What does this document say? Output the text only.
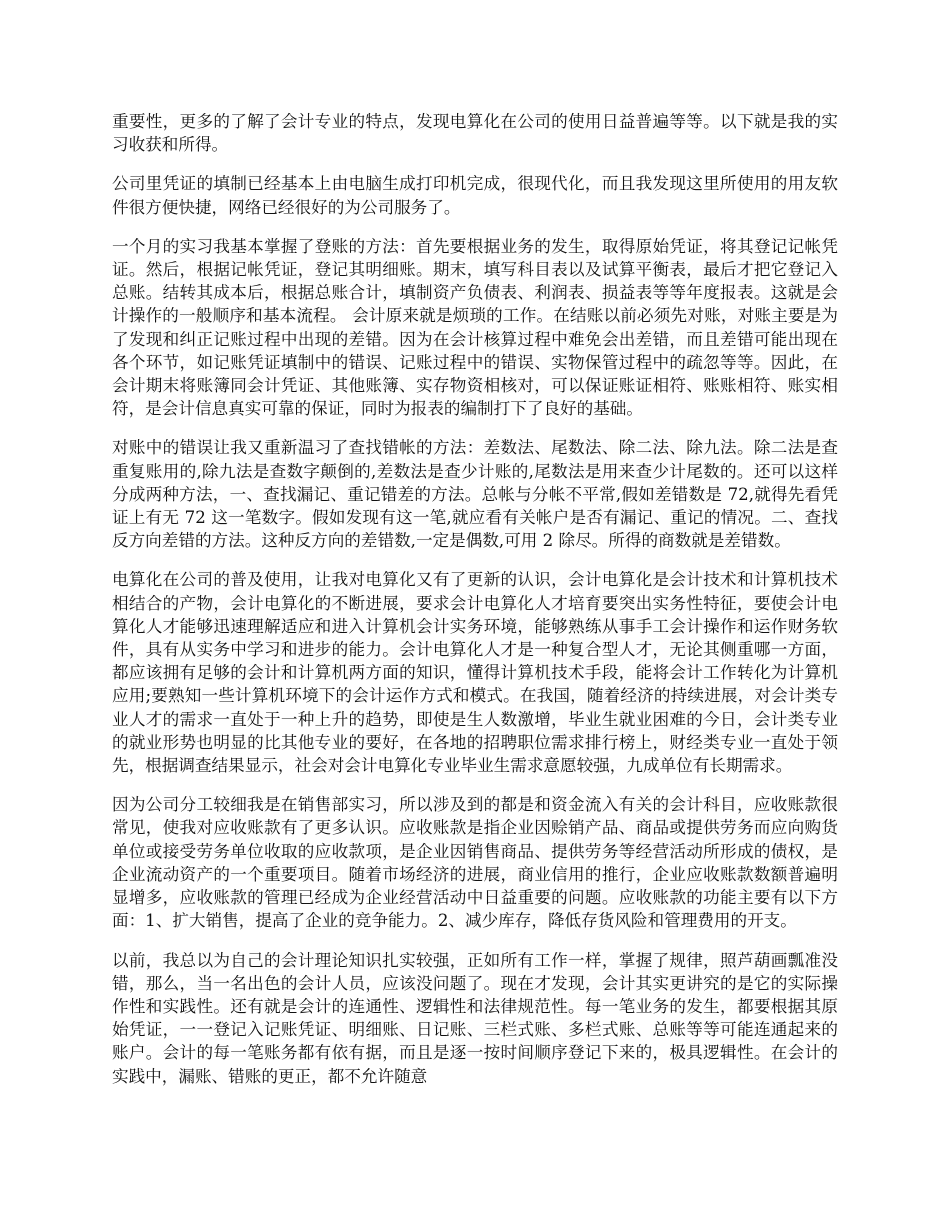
重要性，更多的了解了会计专业的特点，发现电算化在公司的使用日益普遍等等。以下就是我的实习收获和所得。

公司里凭证的填制已经基本上由电脑生成打印机完成，很现代化，而且我发现这里所使用的用友软件很方便快捷，网络已经很好的为公司服务了。

一个月的实习我基本掌握了登账的方法：首先要根据业务的发生，取得原始凭证，将其登记记帐凭证。然后，根据记帐凭证，登记其明细账。期末，填写科目表以及试算平衡表，最后才把它登记入总账。结转其成本后，根据总账合计，填制资产负债表、利润表、损益表等等年度报表。这就是会计操作的一般顺序和基本流程。 会计原来就是烦琐的工作。在结账以前必须先对账，对账主要是为了发现和纠正记账过程中出现的差错。因为在会计核算过程中难免会出差错，而且差错可能出现在各个环节，如记账凭证填制中的错误、记账过程中的错误、实物保管过程中的疏忽等等。因此，在会计期末将账簿同会计凭证、其他账簿、实存物资相核对，可以保证账证相符、账账相符、账实相符，是会计信息真实可靠的保证，同时为报表的编制打下了良好的基础。

对账中的错误让我又重新温习了查找错帐的方法：差数法、尾数法、除二法、除九法。除二法是查重复账用的,除九法是查数字颠倒的,差数法是查少计账的,尾数法是用来查少计尾数的。还可以这样分成两种方法，一、查找漏记、重记错差的方法。总帐与分帐不平常,假如差错数是 72,就得先看凭证上有无 72 这一笔数字。假如发现有这一笔,就应看有关帐户是否有漏记、重记的情况。二、查找反方向差错的方法。这种反方向的差错数,一定是偶数,可用 2 除尽。所得的商数就是差错数。

电算化在公司的普及使用，让我对电算化又有了更新的认识，会计电算化是会计技术和计算机技术相结合的产物，会计电算化的不断进展，要求会计电算化人才培育要突出实务性特征，要使会计电算化人才能够迅速理解适应和进入计算机会计实务环境，能够熟练从事手工会计操作和运作财务软件，具有从实务中学习和进步的能力。会计电算化人才是一种复合型人才，无论其侧重哪一方面，都应该拥有足够的会计和计算机两方面的知识，懂得计算机技术手段，能将会计工作转化为计算机应用;要熟知一些计算机环境下的会计运作方式和模式。在我国，随着经济的持续进展，对会计类专业人才的需求一直处于一种上升的趋势，即使是生人数激增，毕业生就业困难的今日，会计类专业的就业形势也明显的比其他专业的要好，在各地的招聘职位需求排行榜上，财经类专业一直处于领先，根据调查结果显示，社会对会计电算化专业毕业生需求意愿较强，九成单位有长期需求。

因为公司分工较细我是在销售部实习，所以涉及到的都是和资金流入有关的会计科目，应收账款很常见，使我对应收账款有了更多认识。应收账款是指企业因赊销产品、商品或提供劳务而应向购货单位或接受劳务单位收取的应收款项，是企业因销售商品、提供劳务等经营活动所形成的债权，是企业流动资产的一个重要项目。随着市场经济的进展，商业信用的推行，企业应收账款数额普遍明显增多，应收账款的管理已经成为企业经营活动中日益重要的问题。应收账款的功能主要有以下方面：1、扩大销售，提高了企业的竞争能力。2、减少库存，降低存货风险和管理费用的开支。

以前，我总以为自己的会计理论知识扎实较强，正如所有工作一样，掌握了规律，照芦葫画瓢准没错，那么，当一名出色的会计人员，应该没问题了。现在才发现，会计其实更讲究的是它的实际操作性和实践性。还有就是会计的连通性、逻辑性和法律规范性。每一笔业务的发生，都要根据其原始凭证，一一登记入记账凭证、明细账、日记账、三栏式账、多栏式账、总账等等可能连通起来的账户。会计的每一笔账务都有依有据，而且是逐一按时间顺序登记下来的，极具逻辑性。在会计的实践中，漏账、错账的更正，都不允许随意
